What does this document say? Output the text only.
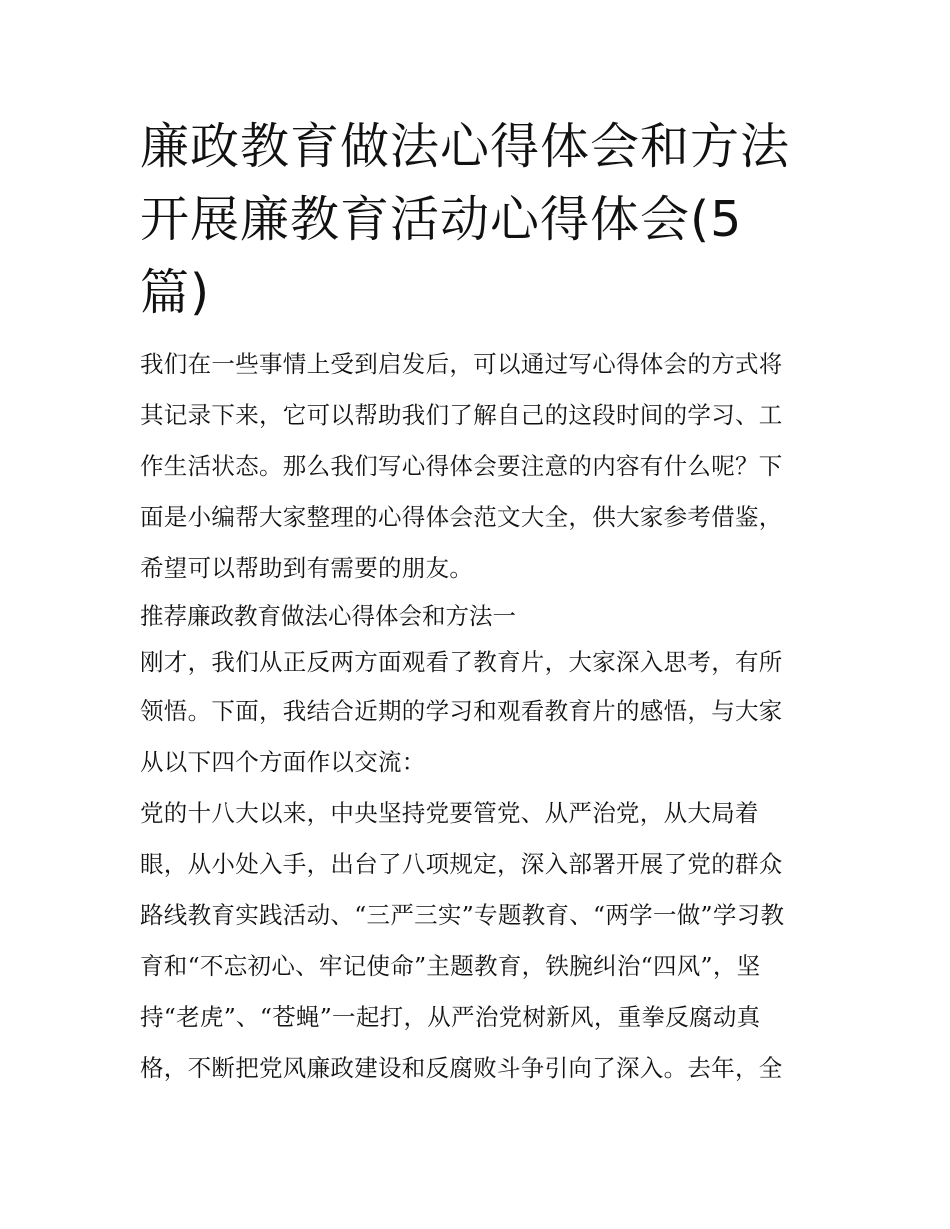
廉政教育做法心得体会和方法
开展廉教育活动心得体会(5
篇)
我们在一些事情上受到启发后，可以通过写心得体会的方式将
其记录下来，它可以帮助我们了解自己的这段时间的学习、工
作生活状态。那么我们写心得体会要注意的内容有什么呢？下
面是小编帮大家整理的心得体会范文大全，供大家参考借鉴，
希望可以帮助到有需要的朋友。
推荐廉政教育做法心得体会和方法一
刚才，我们从正反两方面观看了教育片，大家深入思考，有所
领悟。下面，我结合近期的学习和观看教育片的感悟，与大家
从以下四个方面作以交流：
党的十八大以来，中央坚持党要管党、从严治党，从大局着
眼，从小处入手，出台了八项规定，深入部署开展了党的群众
路线教育实践活动、“三严三实”专题教育、“两学一做”学习教
育和“不忘初心、牢记使命”主题教育，铁腕纠治“四风”，坚
持“老虎”、“苍蝇”一起打，从严治党树新风，重拳反腐动真
格，不断把党风廉政建设和反腐败斗争引向了深入。去年，全
